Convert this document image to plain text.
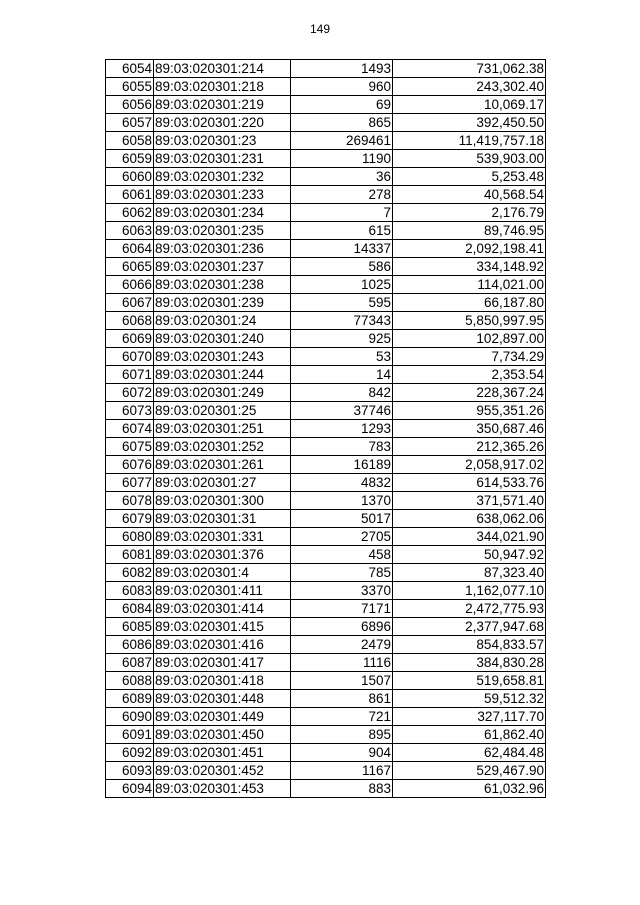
149
6054	89:03:020301:214	1493	731,062.38
6055	89:03:020301:218	960	243,302.40
6056	89:03:020301:219	69	10,069.17
6057	89:03:020301:220	865	392,450.50
6058	89:03:020301:23	269461	11,419,757.18
6059	89:03:020301:231	1190	539,903.00
6060	89:03:020301:232	36	5,253.48
6061	89:03:020301:233	278	40,568.54
6062	89:03:020301:234	7	2,176.79
6063	89:03:020301:235	615	89,746.95
6064	89:03:020301:236	14337	2,092,198.41
6065	89:03:020301:237	586	334,148.92
6066	89:03:020301:238	1025	114,021.00
6067	89:03:020301:239	595	66,187.80
6068	89:03:020301:24	77343	5,850,997.95
6069	89:03:020301:240	925	102,897.00
6070	89:03:020301:243	53	7,734.29
6071	89:03:020301:244	14	2,353.54
6072	89:03:020301:249	842	228,367.24
6073	89:03:020301:25	37746	955,351.26
6074	89:03:020301:251	1293	350,687.46
6075	89:03:020301:252	783	212,365.26
6076	89:03:020301:261	16189	2,058,917.02
6077	89:03:020301:27	4832	614,533.76
6078	89:03:020301:300	1370	371,571.40
6079	89:03:020301:31	5017	638,062.06
6080	89:03:020301:331	2705	344,021.90
6081	89:03:020301:376	458	50,947.92
6082	89:03:020301:4	785	87,323.40
6083	89:03:020301:411	3370	1,162,077.10
6084	89:03:020301:414	7171	2,472,775.93
6085	89:03:020301:415	6896	2,377,947.68
6086	89:03:020301:416	2479	854,833.57
6087	89:03:020301:417	1116	384,830.28
6088	89:03:020301:418	1507	519,658.81
6089	89:03:020301:448	861	59,512.32
6090	89:03:020301:449	721	327,117.70
6091	89:03:020301:450	895	61,862.40
6092	89:03:020301:451	904	62,484.48
6093	89:03:020301:452	1167	529,467.90
6094	89:03:020301:453	883	61,032.96
